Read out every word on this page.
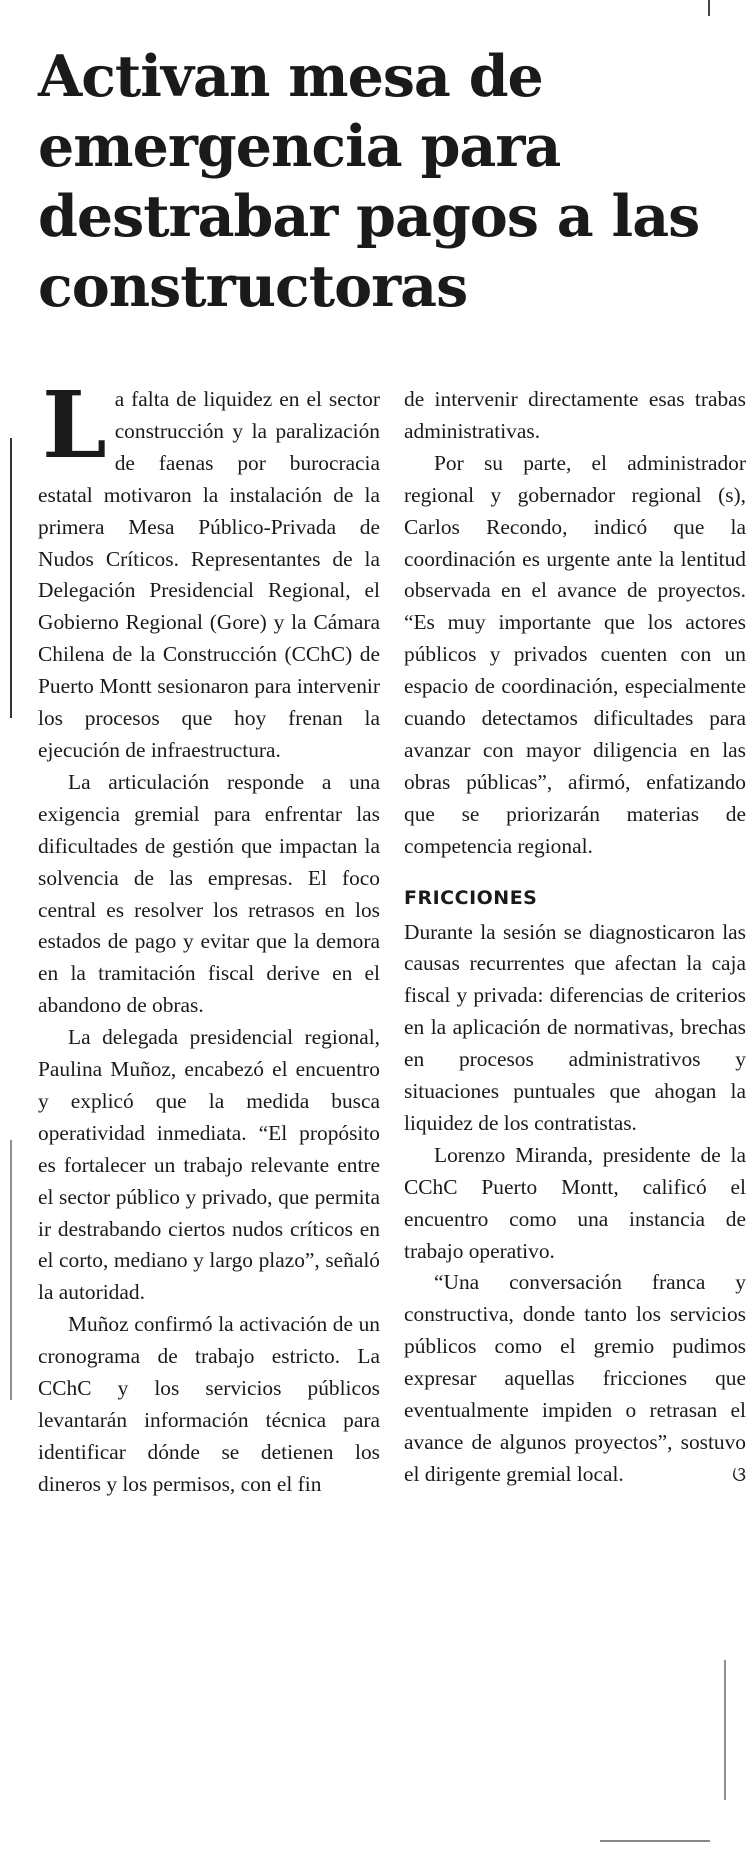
Activan mesa de emergencia para destrabar pagos a las constructoras

La falta de liquidez en el sector construcción y la paralización de faenas por burocracia estatal motivaron la instalación de la primera Mesa Público-Privada de Nudos Críticos. Representantes de la Delegación Presidencial Regional, el Gobierno Regional (Gore) y la Cámara Chilena de la Construcción (CChC) de Puerto Montt sesionaron para intervenir los procesos que hoy frenan la ejecución de infraestructura.

La articulación responde a una exigencia gremial para enfrentar las dificultades de gestión que impactan la solvencia de las empresas. El foco central es resolver los retrasos en los estados de pago y evitar que la demora en la tramitación fiscal derive en el abandono de obras.

La delegada presidencial regional, Paulina Muñoz, encabezó el encuentro y explicó que la medida busca operatividad inmediata. “El propósito es fortalecer un trabajo relevante entre el sector público y privado, que permita ir destrabando ciertos nudos críticos en el corto, mediano y largo plazo”, señaló la autoridad.

Muñoz confirmó la activación de un cronograma de trabajo estricto. La CChC y los servicios públicos levantarán información técnica para identificar dónde se detienen los dineros y los permisos, con el fin

de intervenir directamente esas trabas administrativas.

Por su parte, el administrador regional y gobernador regional (s), Carlos Recondo, indicó que la coordinación es urgente ante la lentitud observada en el avance de proyectos. “Es muy importante que los actores públicos y privados cuenten con un espacio de coordinación, especialmente cuando detectamos dificultades para avanzar con mayor diligencia en las obras públicas”, afirmó, enfatizando que se priorizarán materias de competencia regional.

FRICCIONES

Durante la sesión se diagnosticaron las causas recurrentes que afectan la caja fiscal y privada: diferencias de criterios en la aplicación de normativas, brechas en procesos administrativos y situaciones puntuales que ahogan la liquidez de los contratistas.

Lorenzo Miranda, presidente de la CChC Puerto Montt, calificó el encuentro como una instancia de trabajo operativo.

“Una conversación franca y constructiva, donde tanto los servicios públicos como el gremio pudimos expresar aquellas fricciones que eventualmente impiden o retrasan el avance de algunos proyectos”, sostuvo el dirigente gremial local.	ଓ
